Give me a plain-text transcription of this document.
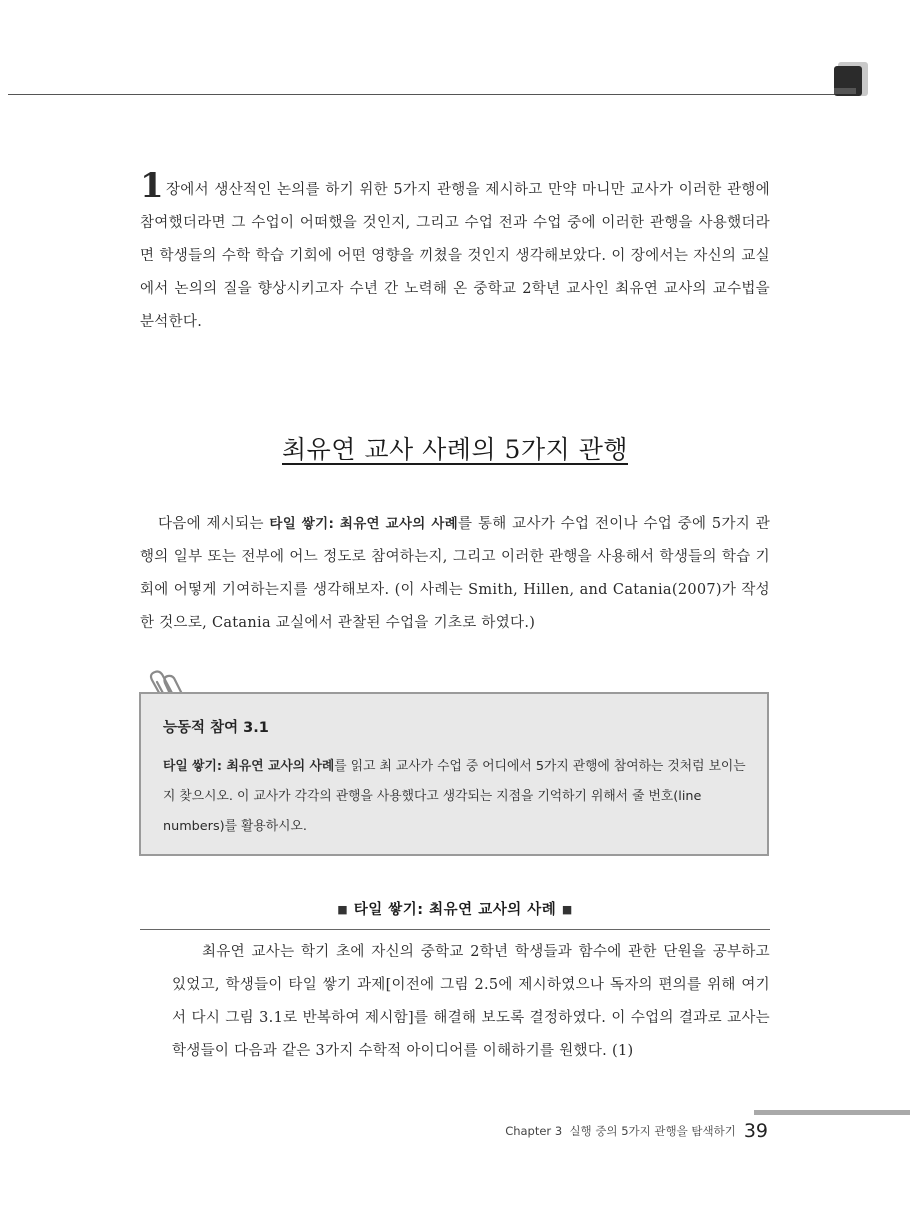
1 장에서 생산적인 논의를 하기 위한 5가지 관행을 제시하고 만약 마니만 교사가 이러한 관행에 참여했더라면 그 수업이 어떠했을 것인지, 그리고 수업 전과 수업 중에 이러한 관행을 사용했더라면 학생들의 수학 학습 기회에 어떤 영향을 끼쳤을 것인지 생각해보았다. 이 장에서는 자신의 교실에서 논의의 질을 향상시키고자 수년 간 노력해 온 중학교 2학년 교사인 최유연 교사의 교수법을 분석한다.

최유연 교사 사례의 5가지 관행

다음에 제시되는 타일 쌓기: 최유연 교사의 사례를 통해 교사가 수업 전이나 수업 중에 5가지 관행의 일부 또는 전부에 어느 정도로 참여하는지, 그리고 이러한 관행을 사용해서 학생들의 학습 기회에 어떻게 기여하는지를 생각해보자. (이 사례는 Smith, Hillen, and Catania(2007)가 작성한 것으로, Catania 교실에서 관찰된 수업을 기초로 하였다.)

능동적 참여 3.1

타일 쌓기: 최유연 교사의 사례를 읽고 최 교사가 수업 중 어디에서 5가지 관행에 참여하는 것처럼 보이는지 찾으시오. 이 교사가 각각의 관행을 사용했다고 생각되는 지점을 기억하기 위해서 줄 번호(line numbers)를 활용하시오.

■ 타일 쌓기: 최유연 교사의 사례 ■

최유연 교사는 학기 초에 자신의 중학교 2학년 학생들과 함수에 관한 단원을 공부하고 있었고, 학생들이 타일 쌓기 과제[이전에 그림 2.5에 제시하였으나 독자의 편의를 위해 여기서 다시 그림 3.1로 반복하여 제시함]를 해결해 보도록 결정하였다. 이 수업의 결과로 교사는 학생들이 다음과 같은 3가지 수학적 아이디어를 이해하기를 원했다. (1)

Chapter 3 실행 중의 5가지 관행을 탐색하기 39
